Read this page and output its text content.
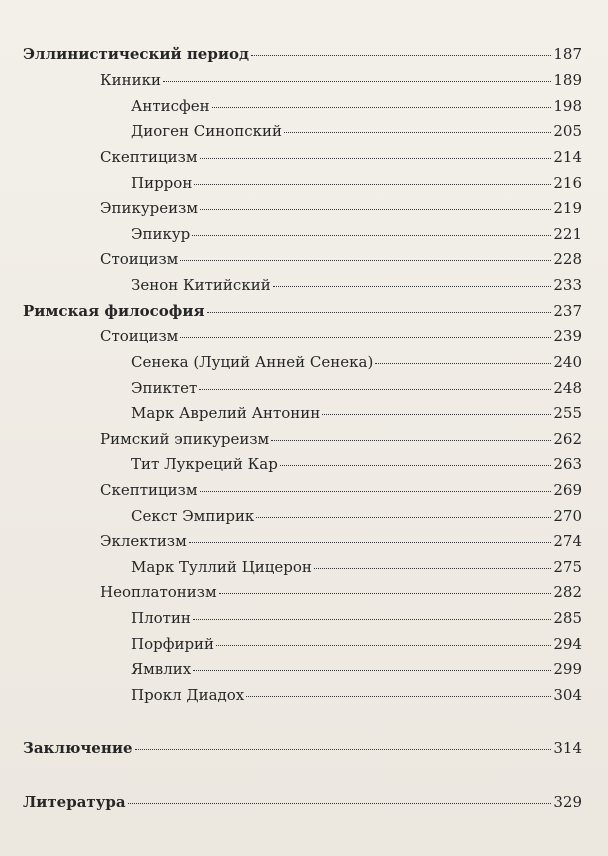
Эллинистический период	187
Киники	189
Антисфен	198
Диоген Синопский	205
Скептицизм	214
Пиррон	216
Эпикуреизм	219
Эпикур	221
Стоицизм	228
Зенон Китийский	233
Римская философия	237
Стоицизм	239
Сенека (Луций Анней Сенека)	240
Эпиктет	248
Марк Аврелий Антонин	255
Римский эпикуреизм	262
Тит Лукреций Кар	263
Скептицизм	269
Секст Эмпирик	270
Эклектизм	274
Марк Туллий Цицерон	275
Неоплатонизм	282
Плотин	285
Порфирий	294
Ямвлих	299
Прокл Диадох	304
Заключение	314
Литература	329
